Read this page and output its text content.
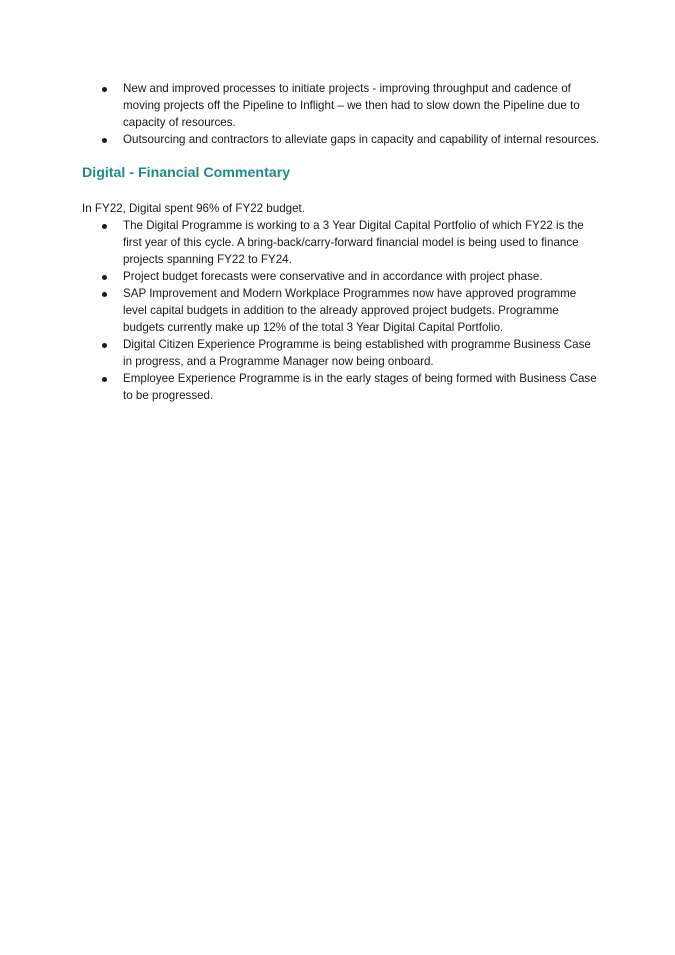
New and improved processes to initiate projects - improving throughput and cadence of moving projects off the Pipeline to Inflight – we then had to slow down the Pipeline due to capacity of resources.
Outsourcing and contractors to alleviate gaps in capacity and capability of internal resources.
Digital - Financial Commentary

In FY22, Digital spent 96% of FY22 budget.

The Digital Programme is working to a 3 Year Digital Capital Portfolio of which FY22 is the first year of this cycle. A bring-back/carry-forward financial model is being used to finance projects spanning FY22 to FY24.
Project budget forecasts were conservative and in accordance with project phase.
SAP Improvement and Modern Workplace Programmes now have approved programme level capital budgets in addition to the already approved project budgets. Programme budgets currently make up 12% of the total 3 Year Digital Capital Portfolio.
Digital Citizen Experience Programme is being established with programme Business Case in progress, and a Programme Manager now being onboard.
Employee Experience Programme is in the early stages of being formed with Business Case to be progressed.
